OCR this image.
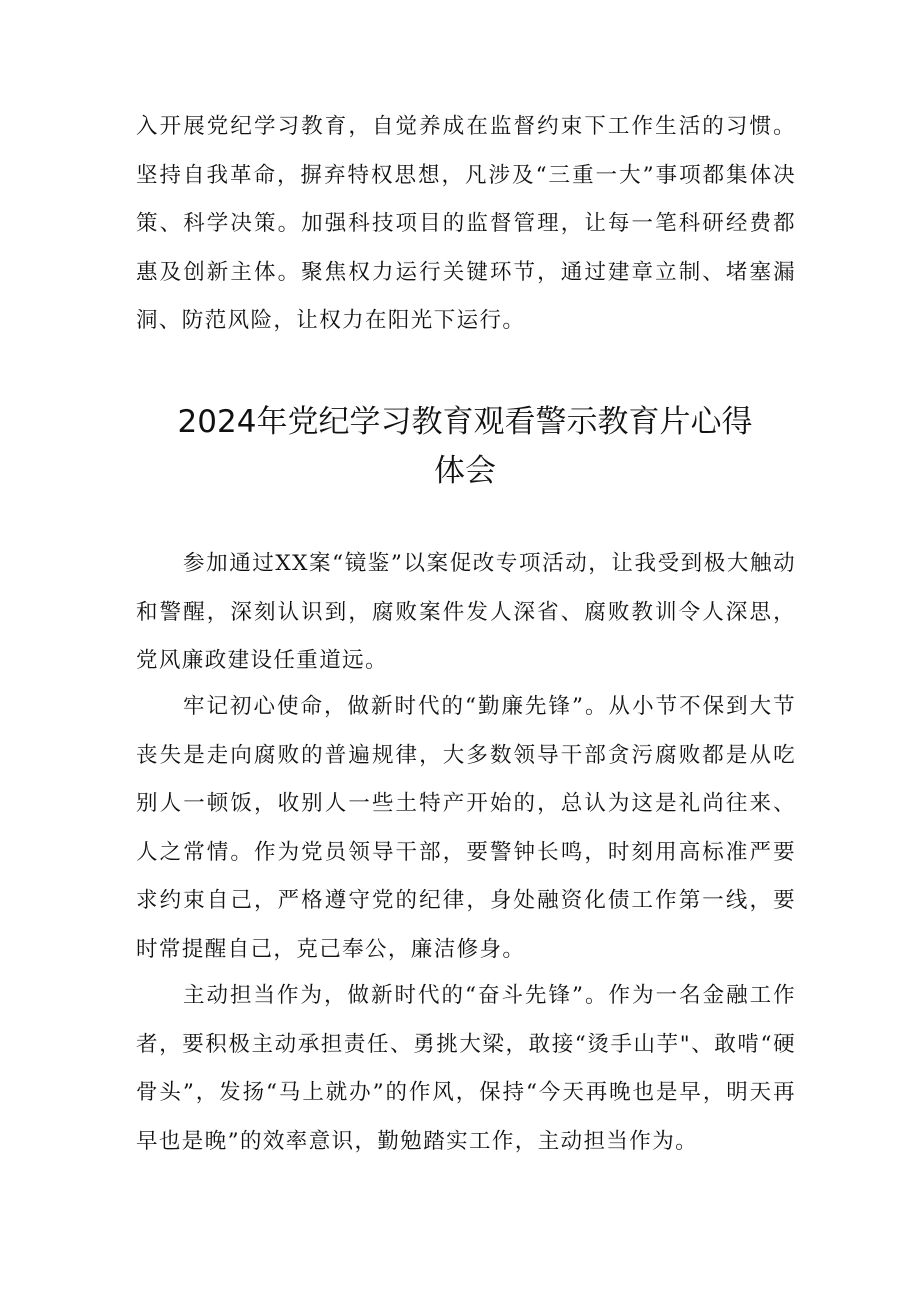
入开展党纪学习教育，自觉养成在监督约束下工作生活的习惯。坚持自我革命，摒弃特权思想，凡涉及“三重一大”事项都集体决策、科学决策。加强科技项目的监督管理，让每一笔科研经费都惠及创新主体。聚焦权力运行关键环节，通过建章立制、堵塞漏洞、防范风险，让权力在阳光下运行。

2024年党纪学习教育观看警示教育片心得
体会

参加通过XX案“镜鉴”以案促改专项活动，让我受到极大触动和警醒，深刻认识到，腐败案件发人深省、腐败教训令人深思，党风廉政建设任重道远。

牢记初心使命，做新时代的“勤廉先锋”。从小节不保到大节丧失是走向腐败的普遍规律，大多数领导干部贪污腐败都是从吃别人一顿饭，收别人一些土特产开始的，总认为这是礼尚往来、人之常情。作为党员领导干部，要警钟长鸣，时刻用高标准严要求约束自己，严格遵守党的纪律，身处融资化债工作第一线，要时常提醒自己，克己奉公，廉洁修身。

主动担当作为，做新时代的“奋斗先锋”。作为一名金融工作者，要积极主动承担责任、勇挑大梁，敢接“烫手山芋"、敢啃“硬骨头”，发扬“马上就办”的作风，保持“今天再晚也是早，明天再早也是晚”的效率意识，勤勉踏实工作，主动担当作为。
